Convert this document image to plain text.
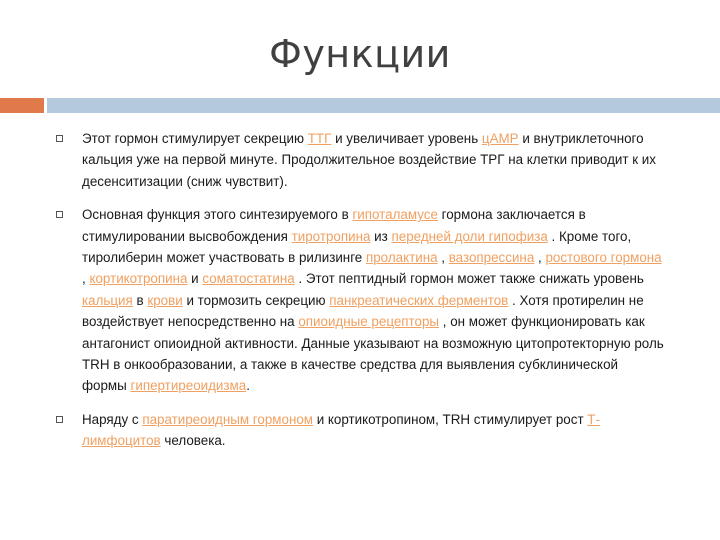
Функции
Этот гормон стимулирует секрецию ТТГ и увеличивает уровень цАМР и внутриклеточного кальция уже на первой минуте. Продолжительное воздействие ТРГ на клетки приводит к их десенситизации (сниж чувствит).
Основная функция этого синтезируемого в гипоталамусе гормона заключается в стимулировании высвобождения тиротропина из передней доли гипофиза . Кроме того, тиролиберин может участвовать в рилизинге пролактина , вазопрессина , ростового гормона , кортикотропина и соматостатина . Этот пептидный гормон может также снижать уровень кальция в крови и тормозить секрецию панкреатических ферментов . Хотя протирелин не воздействует непосредственно на опиоидные рецепторы , он может функционировать как антагонист опиоидной активности. Данные указывают на возможную цитопротекторную роль TRH в онкообразовании, а также в качестве средства для выявления субклинической формы гипертиреоидизма.
Наряду с паратиреоидным гормоном и кортикотропином, TRH стимулирует рост Т-лимфоцитов человека.
